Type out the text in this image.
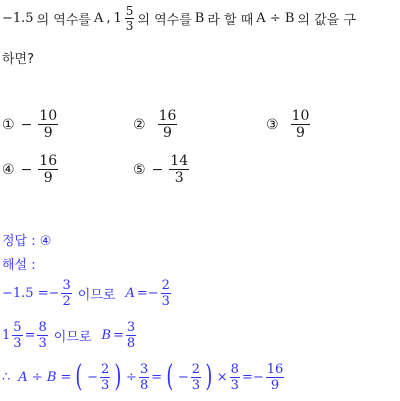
−1.5 의 역수를 A , $1 \frac{5}{3}$ 의 역수를 B 라 할 때 A ÷ B 의 값을 구
하면?
① − $\frac{10}{9}$	② $\frac{16}{9}$	③ $\frac{10}{9}$
④ − $\frac{16}{9}$	⑤ − $\frac{14}{3}$
정답 : ④
해설 :
$-1.5 =- \frac{3}{2}$ 이므로 $A =- \frac{2}{3}$
$1 \frac{5}{3} = \frac{8}{3}$ 이므로 $B = \frac{3}{8}$
∴ A ÷ B = ( − $\frac{2}{3}$ ) ÷ $\frac{3}{8}$ = ( − $\frac{2}{3}$ ) × $\frac{8}{3} =- \frac{16}{9}$
